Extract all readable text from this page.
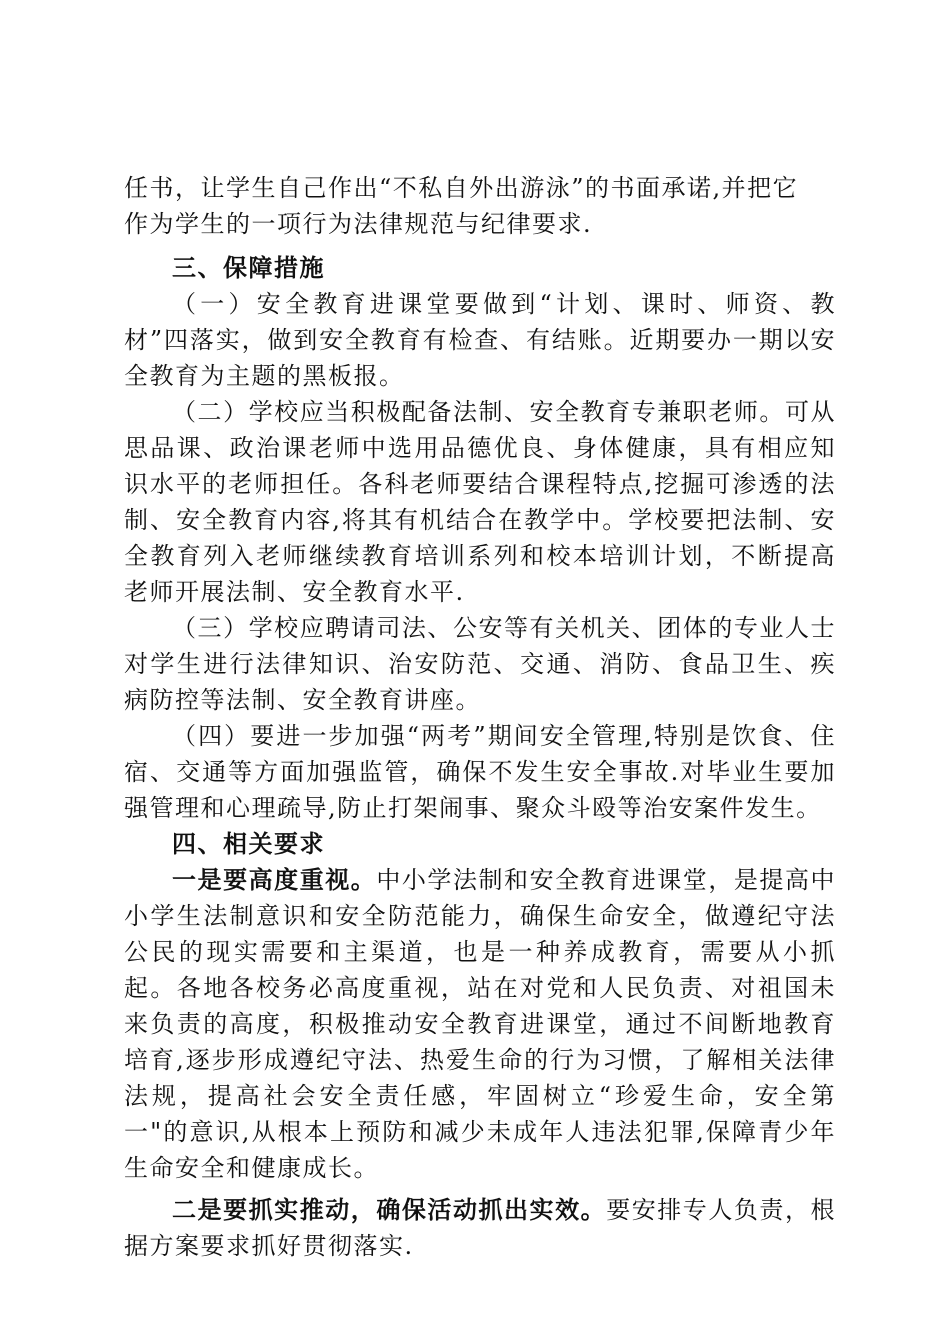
任书，让学生自己作出“不私自外出游泳”的书面承诺,并把它
作为学生的一项行为法律规范与纪律要求.

三、保障措施

（一）安全教育进课堂要做到“计划、课时、师资、教材”四落实，做到安全教育有检查、有结账。近期要办一期以安全教育为主题的黑板报。

（二）学校应当积极配备法制、安全教育专兼职老师。可从思品课、政治课老师中选用品德优良、身体健康，具有相应知识水平的老师担任。各科老师要结合课程特点,挖掘可渗透的法制、安全教育内容,将其有机结合在教学中。学校要把法制、安全教育列入老师继续教育培训系列和校本培训计划，不断提高老师开展法制、安全教育水平.

（三）学校应聘请司法、公安等有关机关、团体的专业人士对学生进行法律知识、治安防范、交通、消防、食品卫生、疾病防控等法制、安全教育讲座。

（四）要进一步加强“两考”期间安全管理,特别是饮食、住宿、交通等方面加强监管，确保不发生安全事故.对毕业生要加强管理和心理疏导,防止打架闹事、聚众斗殴等治安案件发生。

四、相关要求

一是要高度重视。中小学法制和安全教育进课堂，是提高中小学生法制意识和安全防范能力，确保生命安全，做遵纪守法公民的现实需要和主渠道，也是一种养成教育，需要从小抓起。各地各校务必高度重视，站在对党和人民负责、对祖国未来负责的高度，积极推动安全教育进课堂，通过不间断地教育培育,逐步形成遵纪守法、热爱生命的行为习惯，了解相关法律法规，提高社会安全责任感，牢固树立“珍爱生命，安全第一"的意识,从根本上预防和减少未成年人违法犯罪,保障青少年生命安全和健康成长。

二是要抓实推动，确保活动抓出实效。要安排专人负责，根据方案要求抓好贯彻落实.
